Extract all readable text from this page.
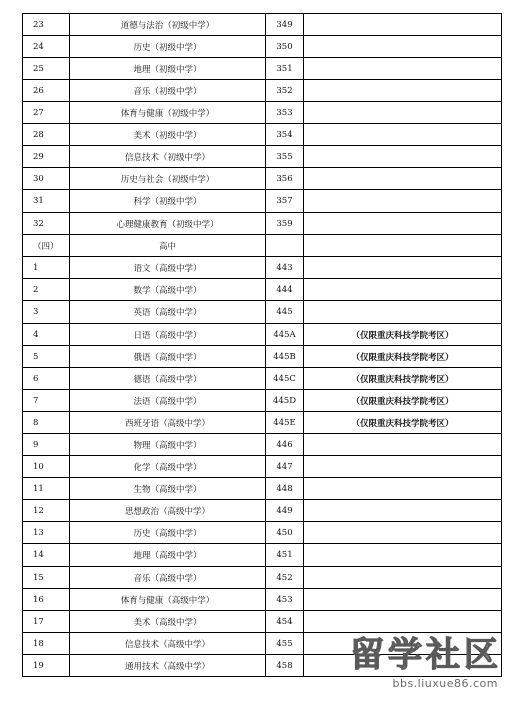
23	道德与法治（初级中学）	349	
24	历史（初级中学）	350	
25	地理（初级中学）	351	
26	音乐（初级中学）	352	
27	体育与健康（初级中学）	353	
28	美术（初级中学）	354	
29	信息技术（初级中学）	355	
30	历史与社会（初级中学）	356	
31	科学（初级中学）	357	
32	心理健康教育（初级中学）	359	
（四）	高中		
1	语文（高级中学）	443	
2	数学（高级中学）	444	
3	英语（高级中学）	445	
4	日语（高级中学）	445A	（仅限重庆科技学院考区）
5	俄语（高级中学）	445B	（仅限重庆科技学院考区）
6	德语（高级中学）	445C	（仅限重庆科技学院考区）
7	法语（高级中学）	445D	（仅限重庆科技学院考区）
8	西班牙语（高级中学）	445E	（仅限重庆科技学院考区）
9	物理（高级中学）	446	
10	化学（高级中学）	447	
11	生物（高级中学）	448	
12	思想政治（高级中学）	449	
13	历史（高级中学）	450	
14	地理（高级中学）	451	
15	音乐（高级中学）	452	
16	体育与健康（高级中学）	453	
17	美术（高级中学）	454	
18	信息技术（高级中学）	455	
19	通用技术（高级中学）	458	留学社区
bbs.liuxue86.com
